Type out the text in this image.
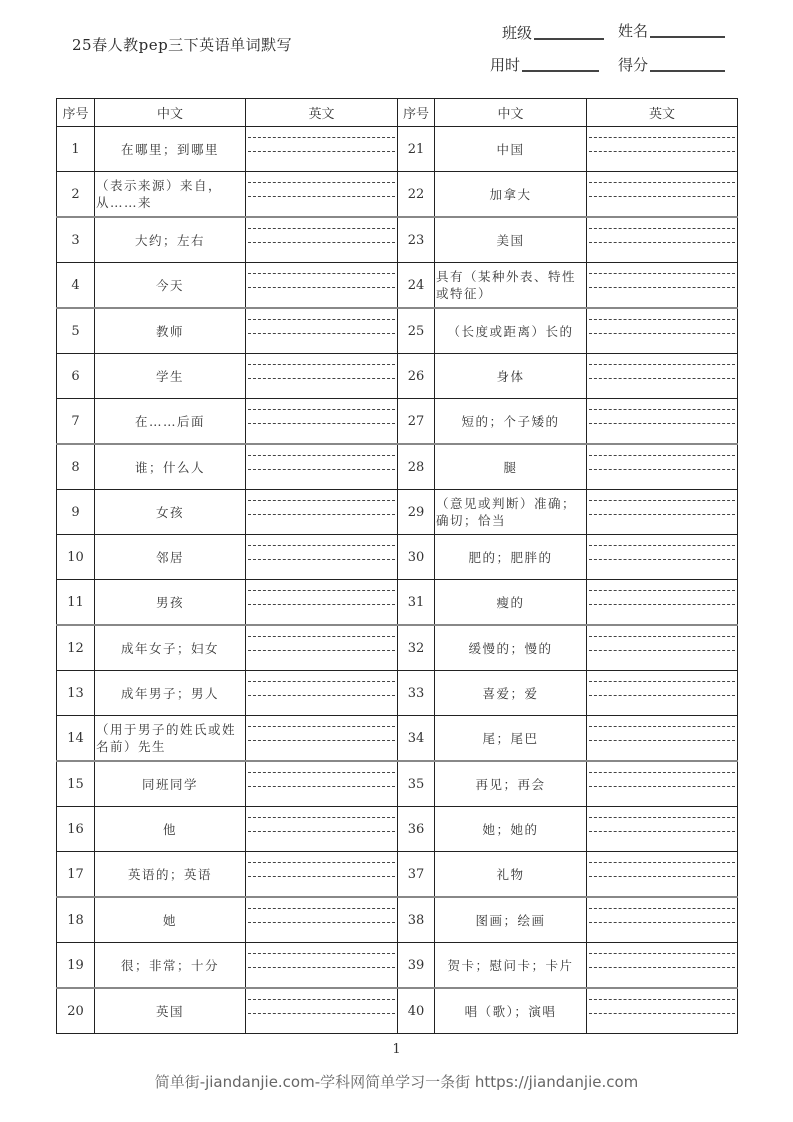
25春人教pep三下英语单词默写
班级	姓名
用时	得分
序号	中文	英文	序号	中文	英文
1	在哪里；到哪里		21	中国	

2	（表示来源）来自，从……来		22	加拿大	

3	大约；左右		23	美国	

4	今天		24	具有（某种外表、特性或特征）	

5	教师		25	（长度或距离）长的	

6	学生		26	身体	

7	在……后面		27	短的；个子矮的	

8	谁；什么人		28	腿	

9	女孩		29	（意见或判断）准确；确切；恰当	

10	邻居		30	肥的；肥胖的	

11	男孩		31	瘦的	

12	成年女子；妇女		32	缓慢的；慢的	

13	成年男子；男人		33	喜爱；爱	

14	（用于男子的姓氏或姓名前）先生		34	尾；尾巴	

15	同班同学		35	再见；再会	

16	他		36	她；她的	

17	英语的；英语		37	礼物	

18	她		38	图画；绘画	

19	很；非常；十分		39	贺卡；慰问卡；卡片	

20	英国		40	唱（歌）；演唱	
1
简单街-jiandanjie.com-学科网简单学习一条街 https://jiandanjie.com
